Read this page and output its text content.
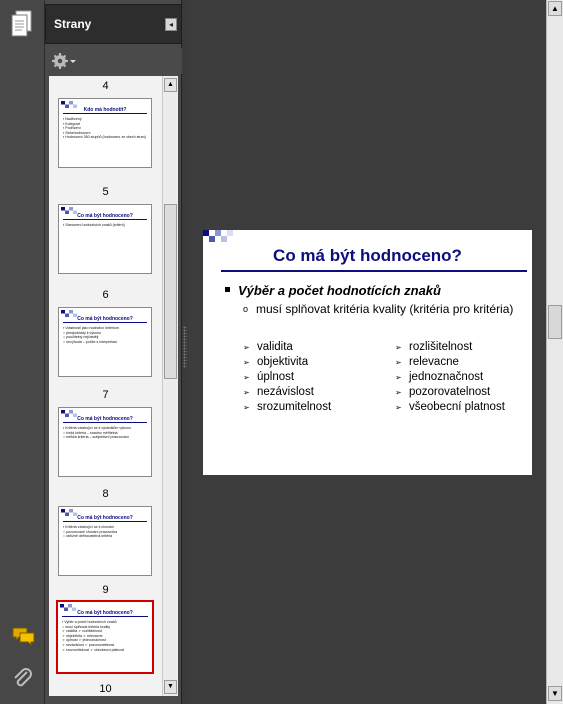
Strany	◂
4
Kdo má hodnotit?
▪ Nadřízený
▪ Kolegové
▪ Podřízení
▪ Sebehodnocení
▪ Hodnocení 360 stupňů (hodnocení ze všech stran)
5
Co má být hodnoceno?
▪ Stanovení hodnotících znaků (kritérií)
6
Co má být hodnoceno?
▪ Vlastnosti jako hodnotící kritérium
○ předpoklady k výkonu
○ použitelný nejčastěji
○ nevýhoda – potíže s interpretací
7
Co má být hodnoceno?
▪ Kritéria vztahující se k výsledkům výkonu
○ tvrdá kritéria – snadno měřitelná
○ měkká kritéria – subjektivní posuzování
8
Co má být hodnoceno?
▪ Kritéria vztahující se k chování
○ pozorované chování pracovníka
○ obtížně definovatelná kritéria
9
Co má být hodnoceno?
▪ Výběr a počet hodnotících znaků
○ musí splňovat kritéria kvality
➢ validita ➢ rozlišitelnost
➢ objektivita ➢ relevacne
➢ úplnost ➢ jednoznačnost
➢ nezávislost ➢ pozorovatelnost
➢ srozumitelnost ➢ všeobecní platnost
10
▲
▼
Co má být hodnoceno?
Výběr a počet hodnotících znaků
o musí splňovat kritéria kvality (kritéria pro kritéria)
➢ validita
➢ objektivita
➢ úplnost
➢ nezávislost
➢ srozumitelnost
➢ rozlišitelnost
➢ relevacne
➢ jednoznačnost
➢ pozorovatelnost
➢ všeobecní platnost
▲
▼
